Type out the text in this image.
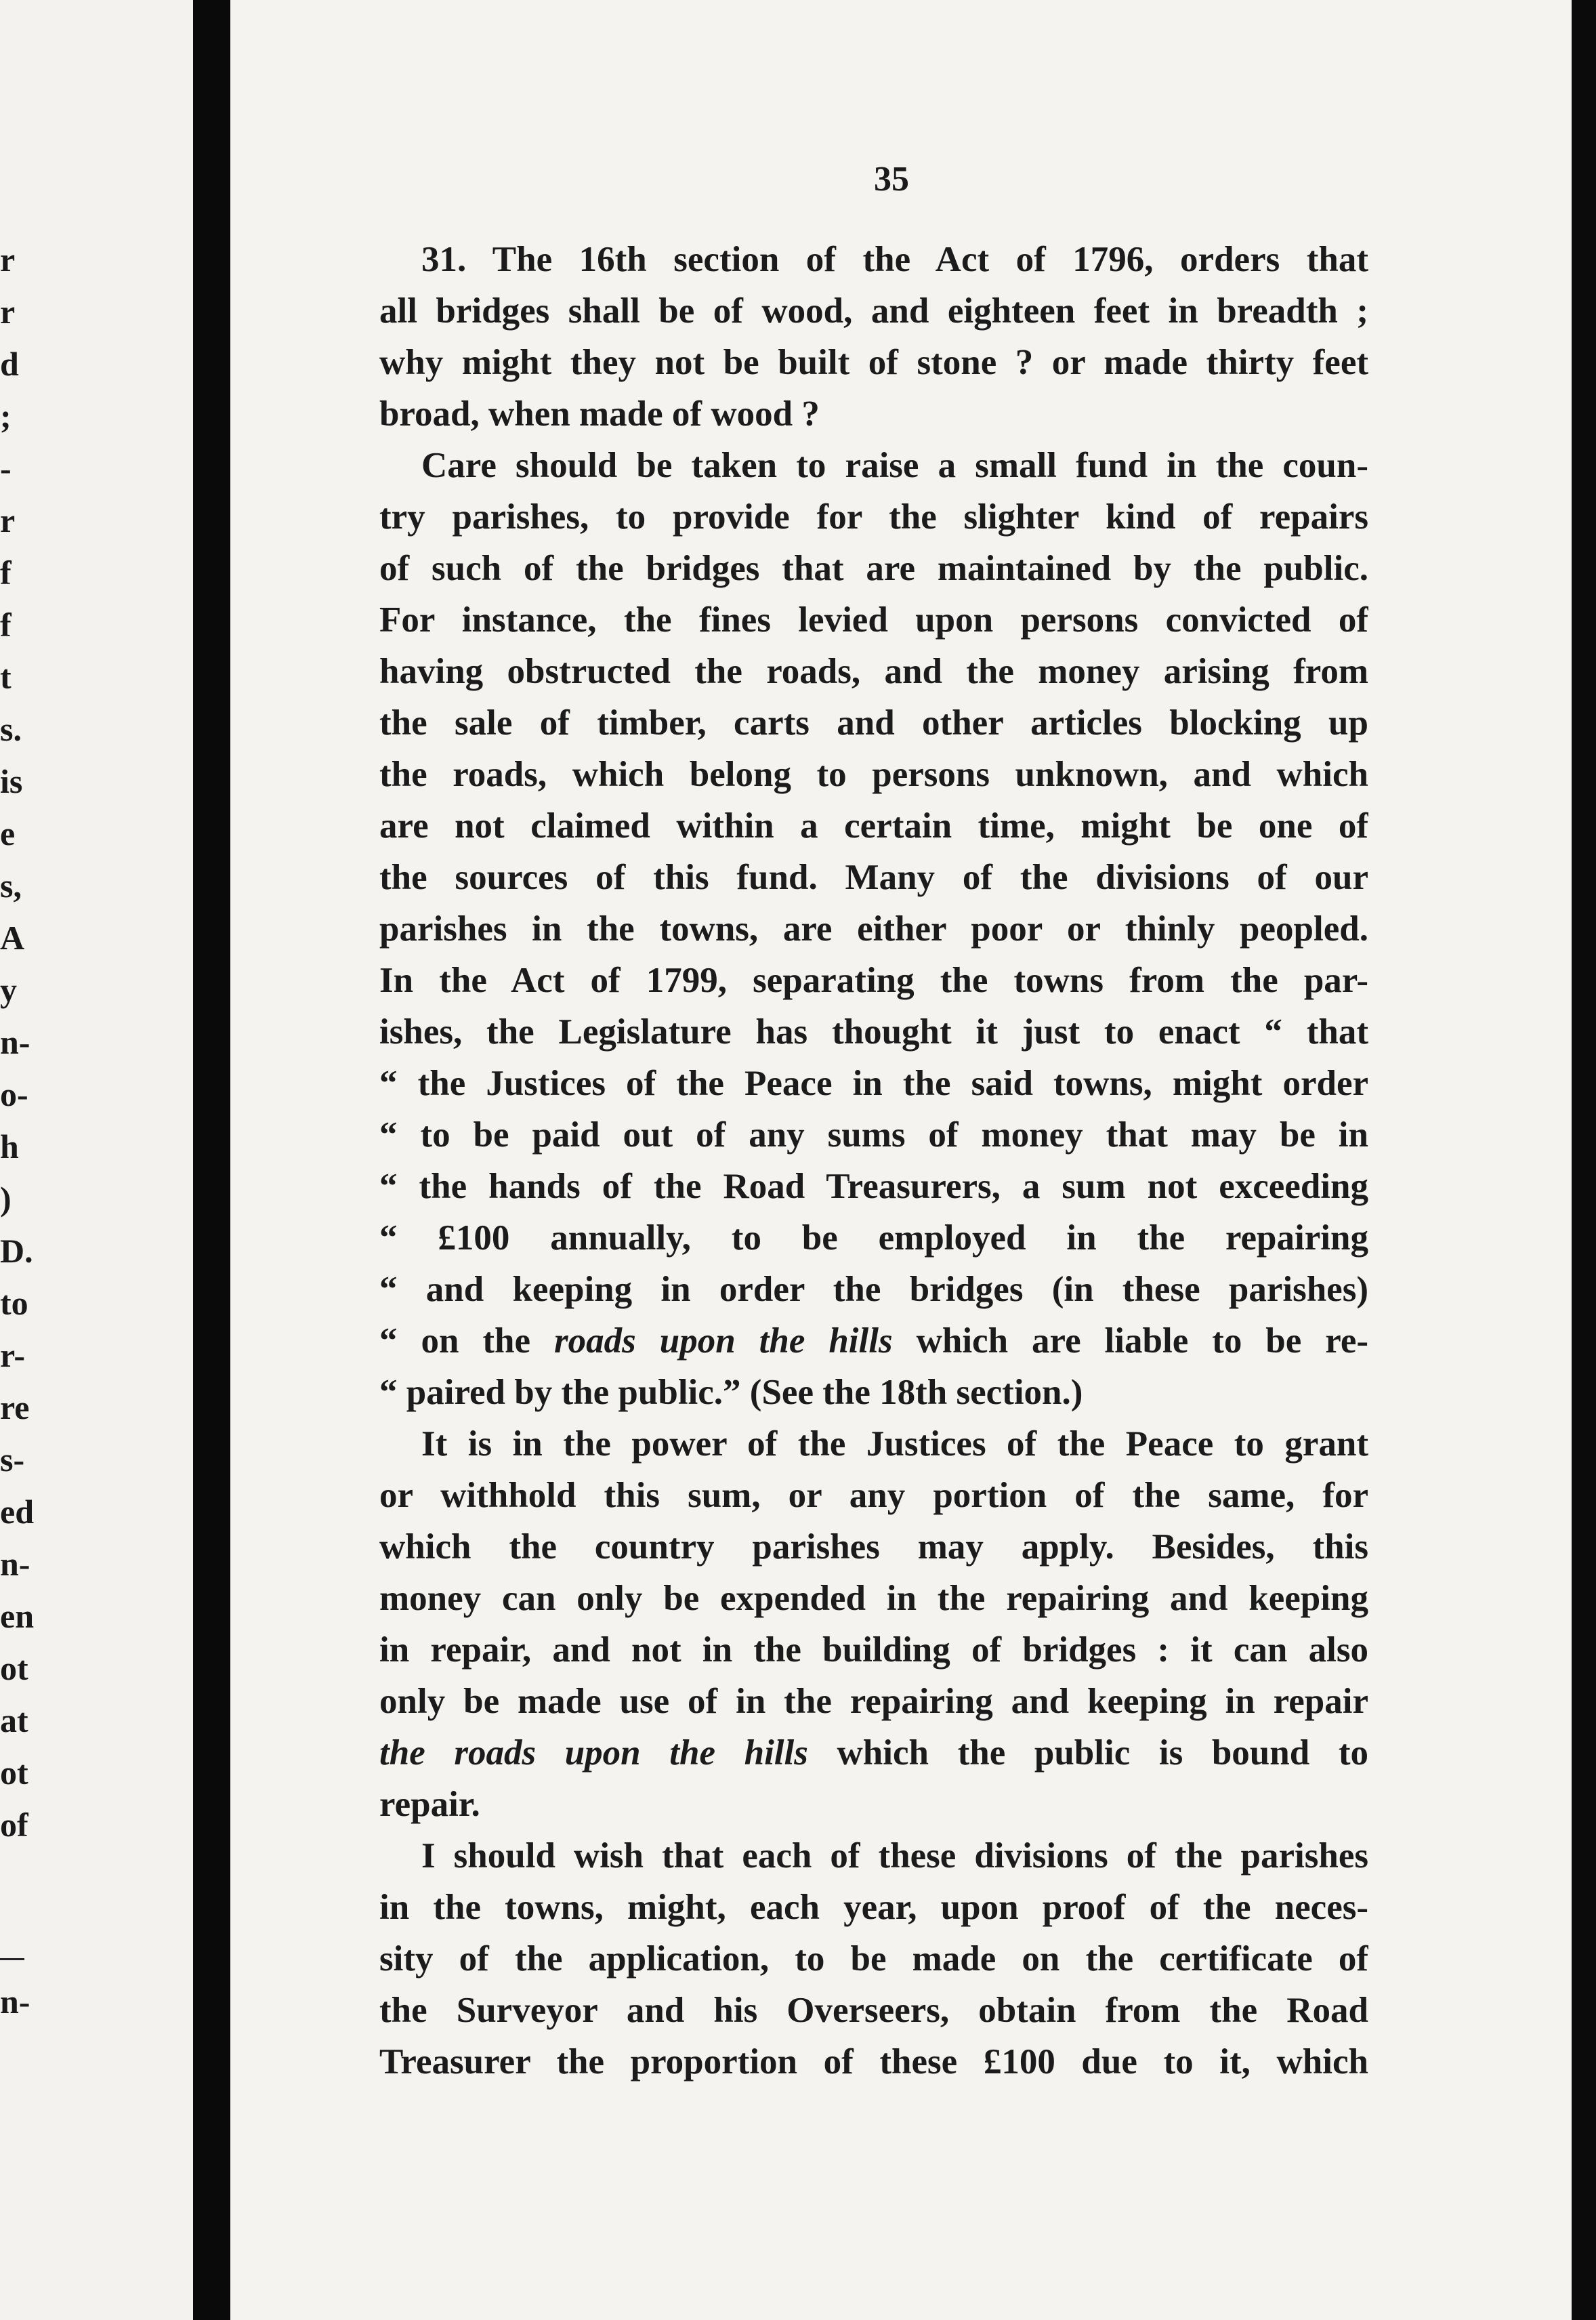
r
r
d
;
-
r
f
f
t
s.
is
e
s,
A
y
n-
o-
h
)
D.
to
r-
re
s-
ed
n-
en
ot
at
ot
of
n-
35
31. The 16th section of the Act of 1796, orders that
all bridges shall be of wood, and eighteen feet in breadth ;
why might they not be built of stone ? or made thirty feet
broad, when made of wood ?
Care should be taken to raise a small fund in the coun-
try parishes, to provide for the slighter kind of repairs
of such of the bridges that are maintained by the public.
For instance, the fines levied upon persons convicted of
having obstructed the roads, and the money arising from
the sale of timber, carts and other articles blocking up
the roads, which belong to persons unknown, and which
are not claimed within a certain time, might be one of
the sources of this fund. Many of the divisions of our
parishes in the towns, are either poor or thinly peopled.
In the Act of 1799, separating the towns from the par-
ishes, the Legislature has thought it just to enact “ that
“ the Justices of the Peace in the said towns, might order
“ to be paid out of any sums of money that may be in
“ the hands of the Road Treasurers, a sum not exceeding
“ £100 annually, to be employed in the repairing
“ and keeping in order the bridges (in these parishes)
“ on the roads upon the hills which are liable to be re-
“ paired by the public.” (See the 18th section.)
It is in the power of the Justices of the Peace to grant
or withhold this sum, or any portion of the same, for
which the country parishes may apply. Besides, this
money can only be expended in the repairing and keeping
in repair, and not in the building of bridges : it can also
only be made use of in the repairing and keeping in repair
the roads upon the hills which the public is bound to
repair.
I should wish that each of these divisions of the parishes
in the towns, might, each year, upon proof of the neces-
sity of the application, to be made on the certificate of
the Surveyor and his Overseers, obtain from the Road
Treasurer the proportion of these £100 due to it, which
